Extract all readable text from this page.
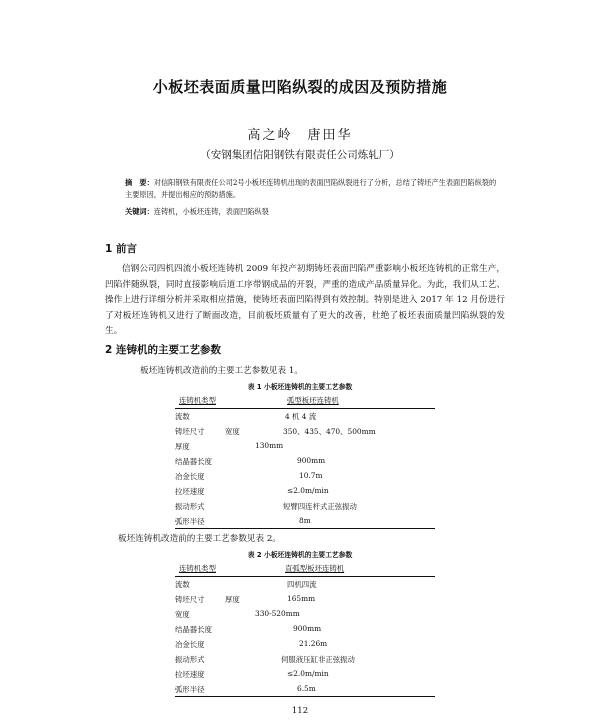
小板坯表面质量凹陷纵裂的成因及预防措施
高之岭　唐田华
（安钢集团信阳钢铁有限责任公司炼轧厂）
摘　要：对信阳钢铁有限责任公司2号小板坯连铸机出现的表面凹陷纵裂进行了分析，总结了铸坯产生表面凹陷纵裂的主要原因，并提出相应的预防措施。
关键词：连铸机，小板坯连铸，表面凹陷纵裂
1 前言
信钢公司四机四流小板坯连铸机 2009 年投产初期铸坯表面凹陷严重影响小板坯连铸机的正常生产，凹陷伴随纵裂，同时直接影响后道工序带钢成品的开裂，严重的造成产品质量异化。为此，我们从工艺、操作上进行详细分析并采取相应措施，使铸坯表面凹陷得到有效控制。特别是进入 2017 年 12 月份进行了对板坯连铸机又进行了断面改造，目前板坯质量有了更大的改善，杜绝了板坯表面质量凹陷纵裂的发生。
2 连铸机的主要工艺参数
板坯连铸机改造前的主要工艺参数见表 1。
表 1 小板坯连铸机的主要工艺参数
连铸机类型	弧型板坯连铸机
流数	4 机 4 流
铸坯尺寸	宽度	350、435、470、500mm
厚度	130mm
结晶器长度	900mm
冶金长度	10.7m
拉坯速度	≤2.0m/min
振动形式	短臂四连杆式正弦振动
弧形半径	8m
板坯连铸机改造前的主要工艺参数见表 2。
表 2 小板坯连铸机的主要工艺参数
连铸机类型	直弧型板坯连铸机
流数	四机四流
铸坯尺寸	厚度	165mm
宽度	330-520mm
结晶器长度	900mm
冶金长度	21.26m
振动形式	伺服液压缸非正弦振动
拉坯速度	≤2.0m/min
弧形半径	6.5m
112
